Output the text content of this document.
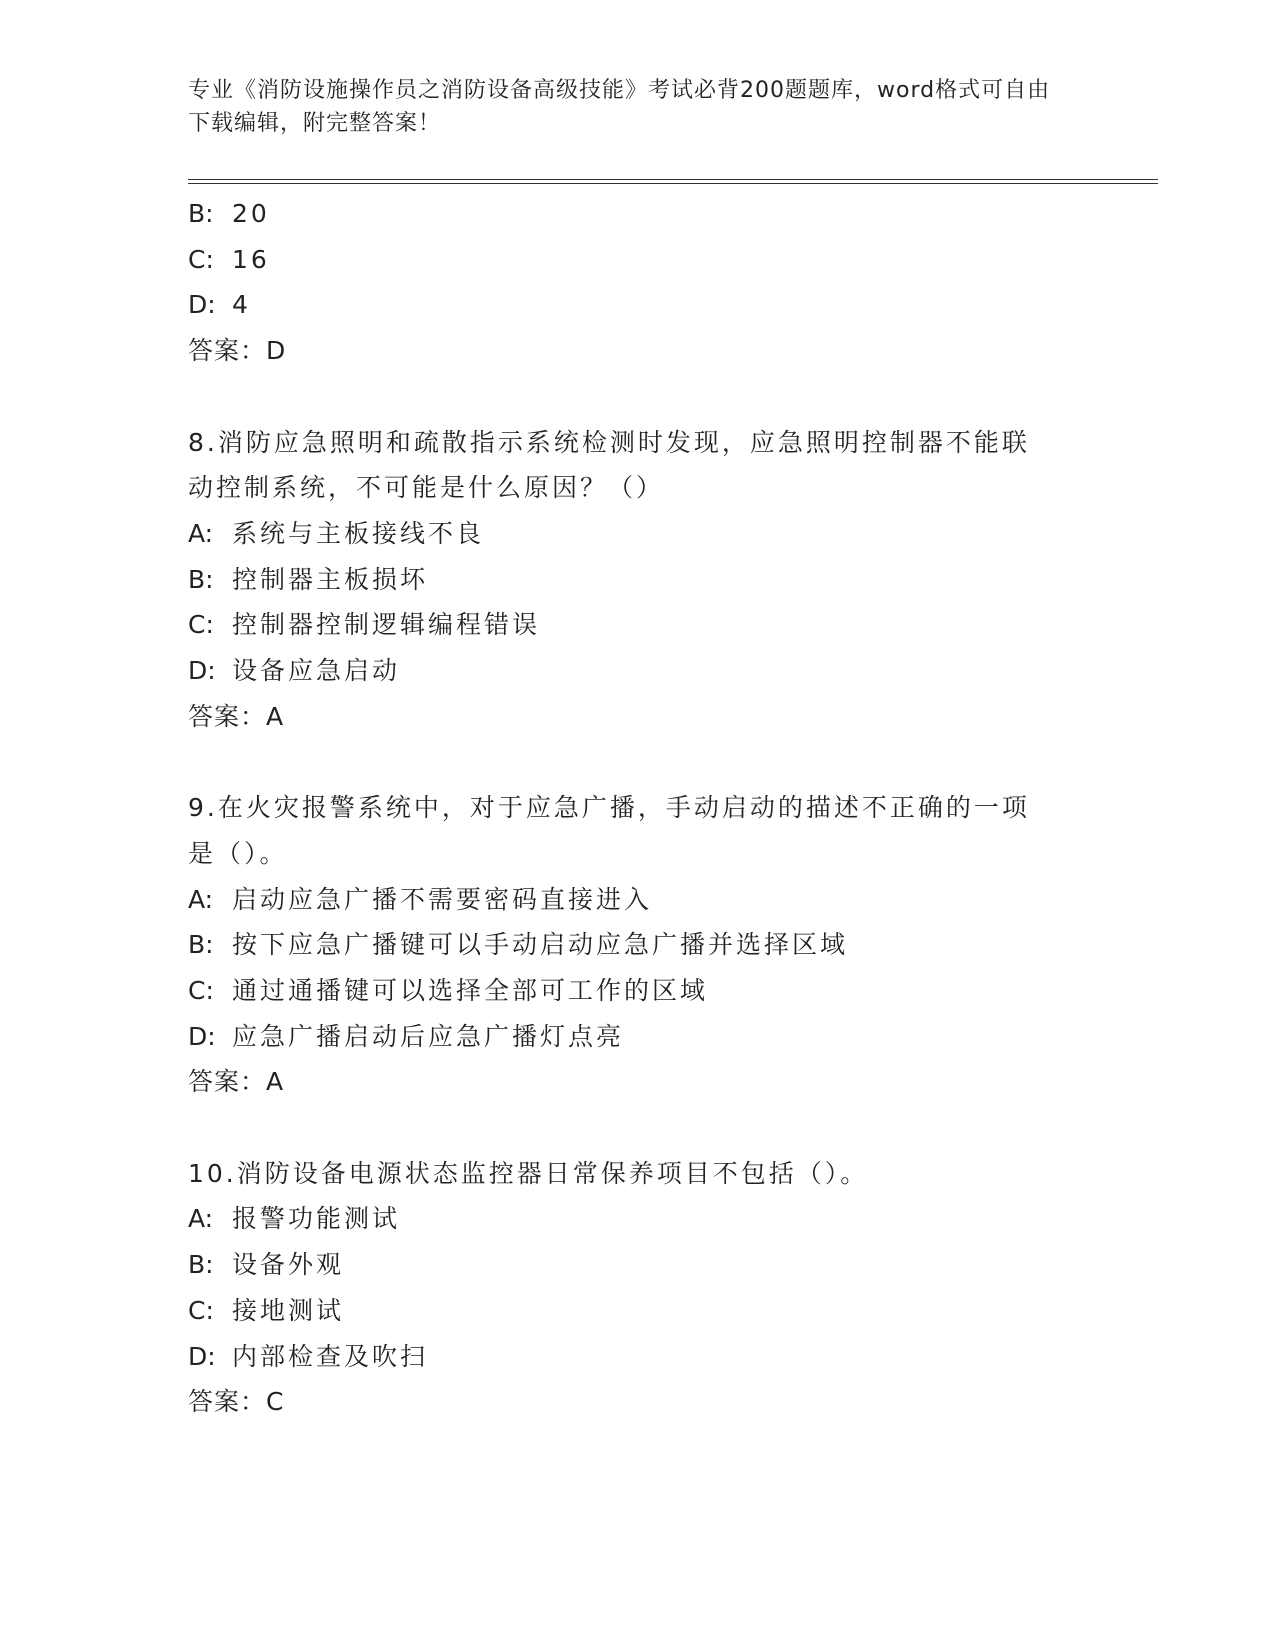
专业《消防设施操作员之消防设备高级技能》考试必背200题题库，word格式可自由下载编辑，附完整答案！
B: 20
C: 16
D: 4
答案：D
8.消防应急照明和疏散指示系统检测时发现，应急照明控制器不能联
动控制系统，不可能是什么原因？（）
A: 系统与主板接线不良
B: 控制器主板损坏
C: 控制器控制逻辑编程错误
D: 设备应急启动
答案：A
9.在火灾报警系统中，对于应急广播，手动启动的描述不正确的一项
是（）。
A: 启动应急广播不需要密码直接进入
B: 按下应急广播键可以手动启动应急广播并选择区域
C: 通过通播键可以选择全部可工作的区域
D: 应急广播启动后应急广播灯点亮
答案：A
10.消防设备电源状态监控器日常保养项目不包括（）。
A: 报警功能测试
B: 设备外观
C: 接地测试
D: 内部检查及吹扫
答案：C
